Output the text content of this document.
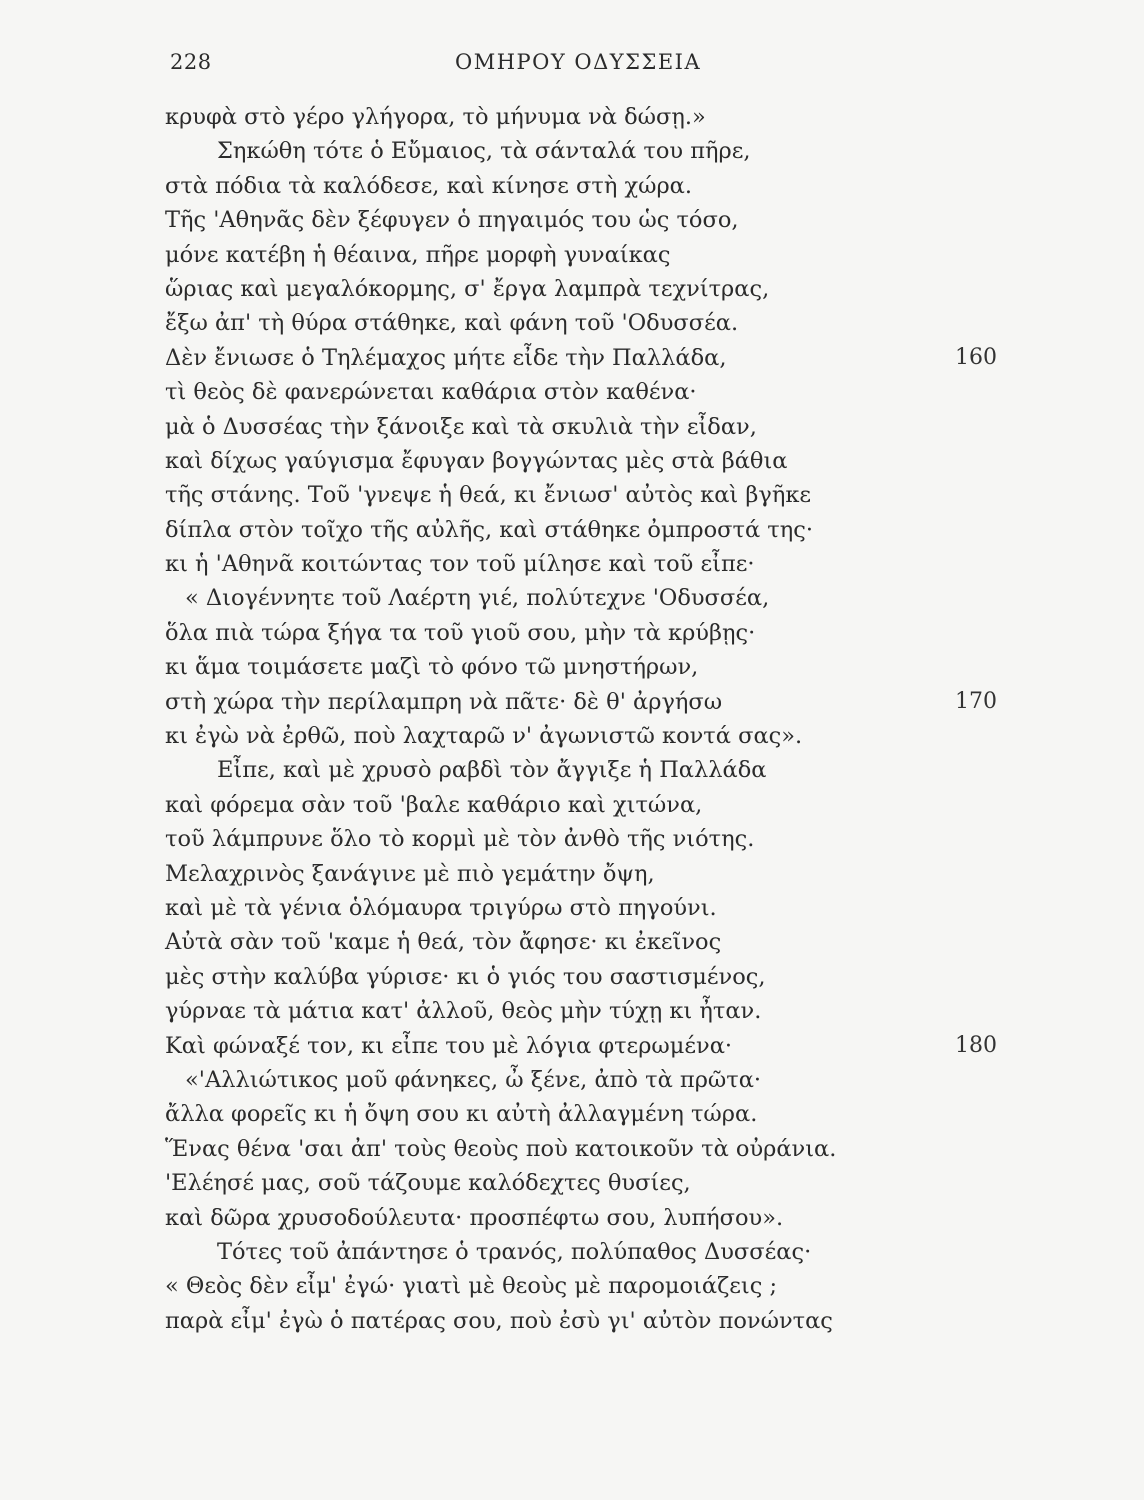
228	ΟΜΗΡΟΥ ΟΔΥΣΣΕΙΑ
κρυφὰ στὸ γέρο γλήγορα, τὸ μήνυμα νὰ δώσῃ.»
Σηκώθη τότε ὁ Εὔμαιος, τὰ σάνταλά του πῆρε,
στὰ πόδια τὰ καλόδεσε, καὶ κίνησε στὴ χώρα.
Τῆς 'Αθηνᾶς δὲν ξέφυγεν ὁ πηγαιμός του ὡς τόσο,
μόνε κατέβη ἡ θέαινα, πῆρε μορφὴ γυναίκας
ὥριας καὶ μεγαλόκορμης, σ' ἔργα λαμπρὰ τεχνίτρας,
ἔξω ἀπ' τὴ θύρα στάθηκε, καὶ φάνη τοῦ 'Οδυσσέα.
Δὲν ἔνιωσε ὁ Τηλέμαχος μήτε εἶδε τὴν Παλλάδα,	160
τὶ θεὸς δὲ φανερώνεται καθάρια στὸν καθένα·
μὰ ὁ Δυσσέας τὴν ξάνοιξε καὶ τὰ σκυλιὰ τὴν εἶδαν,
καὶ δίχως γαύγισμα ἔφυγαν βογγώντας μὲς στὰ βάθια
τῆς στάνης. Τοῦ 'γνεψε ἡ θεά, κι ἔνιωσ' αὐτὸς καὶ βγῆκε
δίπλα στὸν τοῖχο τῆς αὐλῆς, καὶ στάθηκε ὀμπροστά της·
κι ἡ 'Αθηνᾶ κοιτώντας τον τοῦ μίλησε καὶ τοῦ εἶπε·
« Διογέννητε τοῦ Λαέρτη γιέ, πολύτεχνε 'Οδυσσέα,
ὅλα πιὰ τώρα ξήγα τα τοῦ γιοῦ σου, μὴν τὰ κρύβῃς·
κι ἅμα τοιμάσετε μαζὶ τὸ φόνο τῶ μνηστήρων,
στὴ χώρα τὴν περίλαμπρη νὰ πᾶτε· δὲ θ' ἀργήσω	170
κι ἐγὼ νὰ ἐρθῶ, ποὺ λαχταρῶ ν' ἀγωνιστῶ κοντά σας».
Εἶπε, καὶ μὲ χρυσὸ ραβδὶ τὸν ἄγγιξε ἡ Παλλάδα
καὶ φόρεμα σὰν τοῦ 'βαλε καθάριο καὶ χιτώνα,
τοῦ λάμπρυνε ὅλο τὸ κορμὶ μὲ τὸν ἀνθὸ τῆς νιότης.
Μελαχρινὸς ξανάγινε μὲ πιὸ γεμάτην ὄψη,
καὶ μὲ τὰ γένια ὁλόμαυρα τριγύρω στὸ πηγούνι.
Αὐτὰ σὰν τοῦ 'καμε ἡ θεά, τὸν ἄφησε· κι ἐκεῖνος
μὲς στὴν καλύβα γύρισε· κι ὁ γιός του σαστισμένος,
γύρναε τὰ μάτια κατ' ἀλλοῦ, θεὸς μὴν τύχῃ κι ἦταν.
Καὶ φώναξέ τον, κι εἶπε του μὲ λόγια φτερωμένα·	180
«'Αλλιώτικος μοῦ φάνηκες, ὦ ξένε, ἀπὸ τὰ πρῶτα·
ἄλλα φορεῖς κι ἡ ὄψη σου κι αὐτὴ ἀλλαγμένη τώρα.
Ἕνας θένα 'σαι ἀπ' τοὺς θεοὺς ποὺ κατοικοῦν τὰ οὐράνια.
'Ελέησέ μας, σοῦ τάζουμε καλόδεχτες θυσίες,
καὶ δῶρα χρυσοδούλευτα· προσπέφτω σου, λυπήσου».
Τότες τοῦ ἀπάντησε ὁ τρανός, πολύπαθος Δυσσέας·
« Θεὸς δὲν εἶμ' ἐγώ· γιατὶ μὲ θεοὺς μὲ παρομοιάζεις ;
παρὰ εἶμ' ἐγὼ ὁ πατέρας σου, ποὺ ἐσὺ γι' αὐτὸν πονώντας
